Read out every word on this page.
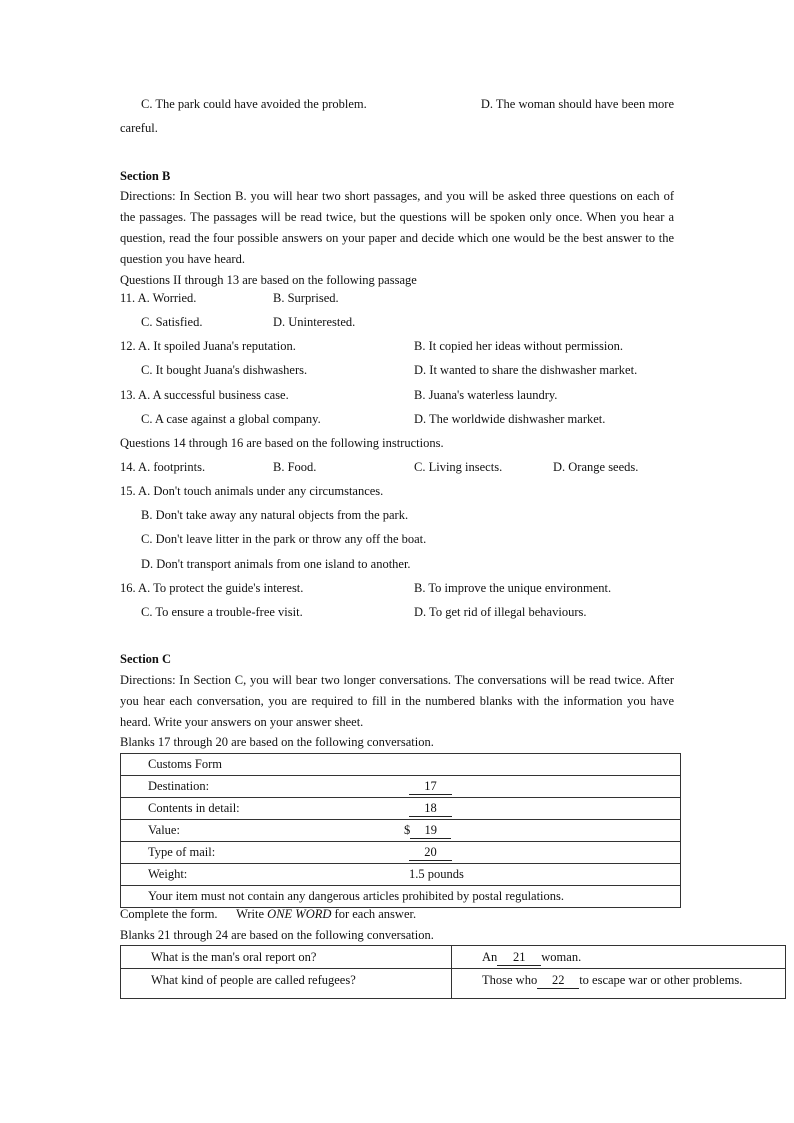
C. The park could have avoided the problem.	D. The woman should have been more
careful.
Section B
Directions: In Section B. you will hear two short passages, and you will be asked three questions on each of the passages. The passages will be read twice, but the questions will be spoken only once. When you hear a question, read the four possible answers on your paper and decide which one would be the best answer to the question you have heard.
Questions II through 13 are based on the following passage
11. A. Worried.	B. Surprised.
C. Satisfied.	D. Uninterested.
12. A. It spoiled Juana's reputation.	B. It copied her ideas without permission.
C. It bought Juana's dishwashers.	D. It wanted to share the dishwasher market.
13. A. A successful business case.	B. Juana's waterless laundry.
C. A case against a global company.	D. The worldwide dishwasher market.
Questions 14 through 16 are based on the following instructions.
14. A. footprints.	B. Food.	C. Living insects.	D. Orange seeds.
15. A. Don't touch animals under any circumstances.
B. Don't take away any natural objects from the park.
C. Don't leave litter in the park or throw any off the boat.
D. Don't transport animals from one island to another.
16. A. To protect the guide's interest.	B. To improve the unique environment.
C. To ensure a trouble-free visit.	D. To get rid of illegal behaviours.
Section C
Directions: In Section C, you will bear two longer conversations. The conversations will be read twice. After you hear each conversation, you are required to fill in the numbered blanks with the information you have heard. Write your answers on your answer sheet.
Blanks 17 through 20 are based on the following conversation.
Customs Form	

Destination:	17

Contents in detail:	18

Value:	$ 19

Type of mail:	20

Weight:	1.5 pounds

Your item must not contain any dangerous articles prohibited by postal regulations.	
Complete the form. Write ONE WORD for each answer.
Blanks 21 through 24 are based on the following conversation.
What is the man's oral report on?	An 21 woman.

What kind of people are called refugees?	Those who 22 to escape war or other problems.
